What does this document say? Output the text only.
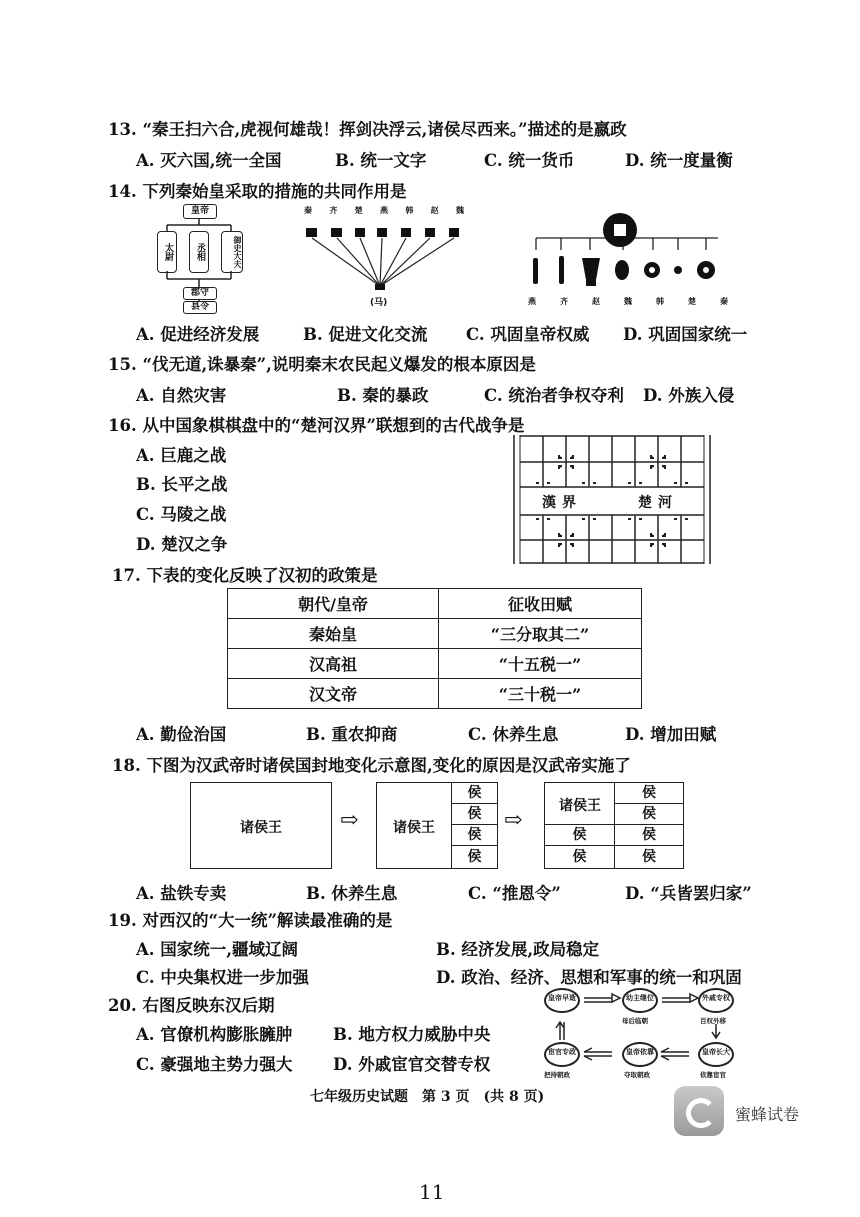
13. “秦王扫六合,虎视何雄哉！挥剑决浮云,诸侯尽西来。”描述的是嬴政
A. 灭六国,统一全国	B. 统一文字	C. 统一货币	D. 统一度量衡
14. 下列秦始皇采取的措施的共同作用是
皇帝
太尉	丞相	御史大夫
郡守
县令
秦 齐 楚 燕 韩 赵 魏
(马)	燕	齐	赵	魏	韩	楚	秦
A. 促进经济发展	B. 促进文化交流 C. 巩固皇帝权威 D. 巩固国家统一
15. “伐无道,诛暴秦”,说明秦末农民起义爆发的根本原因是
A. 自然灾害	B. 秦的暴政	C. 统治者争权夺利 D. 外族入侵
16. 从中国象棋棋盘中的“楚河汉界”联想到的古代战争是
A. 巨鹿之战
B. 长平之战
C. 马陵之战
D. 楚汉之争
漢界	楚河
17. 下表的变化反映了汉初的政策是
朝代/皇帝	征收田赋
秦始皇	“三分取其二”
汉高祖	“十五税一”
汉文帝	“三十税一”
A. 勤俭治国	B. 重农抑商	C. 休养生息	D. 增加田赋
18. 下图为汉武帝时诸侯国封地变化示意图,变化的原因是汉武帝实施了
诸侯王	⇨	诸侯王
侯
侯
侯
侯
⇨
诸侯王
侯
侯
侯	侯
侯	侯
A. 盐铁专卖	B. 休养生息	C. “推恩令”	D. “兵皆罢归家”
19. 对西汉的“大一统”解读最准确的是
A. 国家统一,疆域辽阔	B. 经济发展,政局稳定
C. 中央集权进一步加强	D. 政治、经济、思想和军事的统一和巩固
20. 右图反映东汉后期
A. 官僚机构膨胀臃肿 B. 地方权力威胁中央
C. 豪强地主势力强大 D. 外戚宦官交替专权
皇帝早逝	幼主继位	外戚专权
宦官专政	皇帝依靠	皇帝长大
母后临朝	百权外移
把持朝政	夺取朝政	依靠宦官
七年级历史试题　第 3 页　(共 8 页)
蜜蜂试卷
11
